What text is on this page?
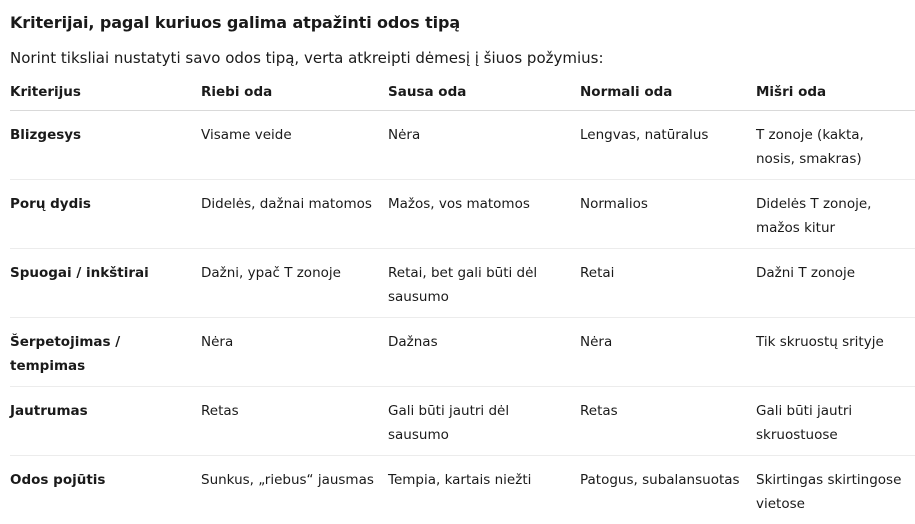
Kriterijai, pagal kuriuos galima atpažinti odos tipą

Norint tiksliai nustatyti savo odos tipą, verta atkreipti dėmesį į šiuos požymius:

Kriterijus	Riebi oda	Sausa oda	Normali oda	Mišri oda
Blizgesys	Visame veide	Nėra	Lengvas, natūralus	T zonoje (kakta, nosis, smakras)
Porų dydis	Didelės, dažnai matomos	Mažos, vos matomos	Normalios	Didelės T zonoje, mažos kitur
Spuogai / inkštirai	Dažni, ypač T zonoje	Retai, bet gali būti dėl sausumo	Retai	Dažni T zonoje
Šerpetojimas / tempimas	Nėra	Dažnas	Nėra	Tik skruostų srityje
Jautrumas	Retas	Gali būti jautri dėl sausumo	Retas	Gali būti jautri skruostuose
Odos pojūtis	Sunkus, „riebus“ jausmas	Tempia, kartais niežti	Patogus, subalansuotas	Skirtingas skirtingose vietose
